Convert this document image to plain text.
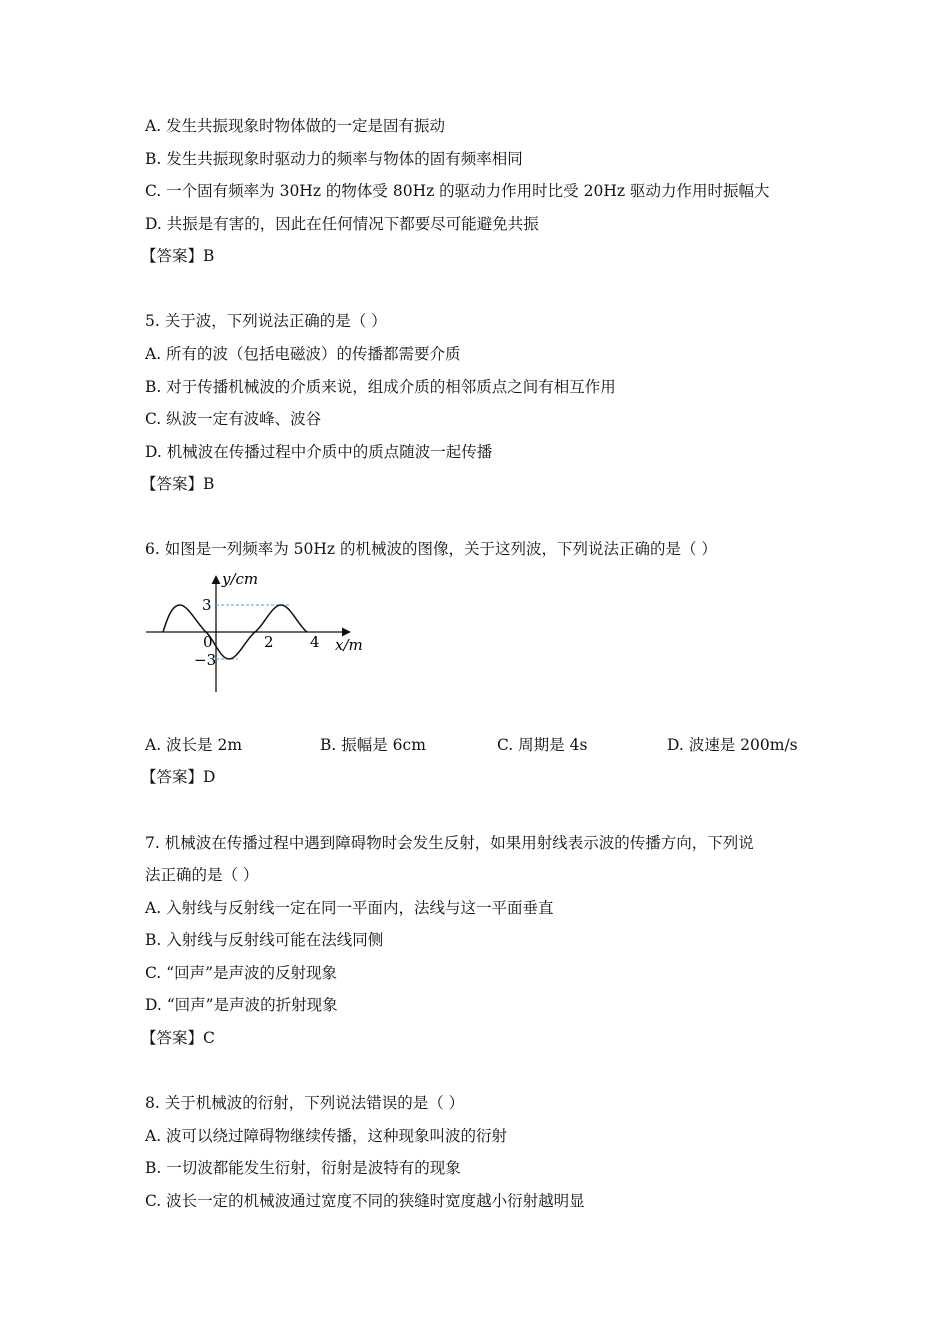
A. 发生共振现象时物体做的一定是固有振动
B. 发生共振现象时驱动力的频率与物体的固有频率相同
C. 一个固有频率为 30Hz 的物体受 80Hz 的驱动力作用时比受 20Hz 驱动力作用时振幅大
D. 共振是有害的，因此在任何情况下都要尽可能避免共振
【答案】B
5. 关于波，下列说法正确的是（ ）
A. 所有的波（包括电磁波）的传播都需要介质
B. 对于传播机械波的介质来说，组成介质的相邻质点之间有相互作用
C. 纵波一定有波峰、波谷
D. 机械波在传播过程中介质中的质点随波一起传播
【答案】B
6. 如图是一列频率为 50Hz 的机械波的图像，关于这列波，下列说法正确的是（ ）
y/cm
x/m
3
−3
0	2 4
A. 波长是 2m	B. 振幅是 6cm	C. 周期是 4s	D. 波速是 200m/s
【答案】D
7. 机械波在传播过程中遇到障碍物时会发生反射，如果用射线表示波的传播方向，下列说
法正确的是（ ）
A. 入射线与反射线一定在同一平面内，法线与这一平面垂直
B. 入射线与反射线可能在法线同侧
C. “回声”是声波的反射现象
D. “回声”是声波的折射现象
【答案】C
8. 关于机械波的衍射，下列说法错误的是（ ）
A. 波可以绕过障碍物继续传播，这种现象叫波的衍射
B. 一切波都能发生衍射，衍射是波特有的现象
C. 波长一定的机械波通过宽度不同的狭缝时宽度越小衍射越明显
